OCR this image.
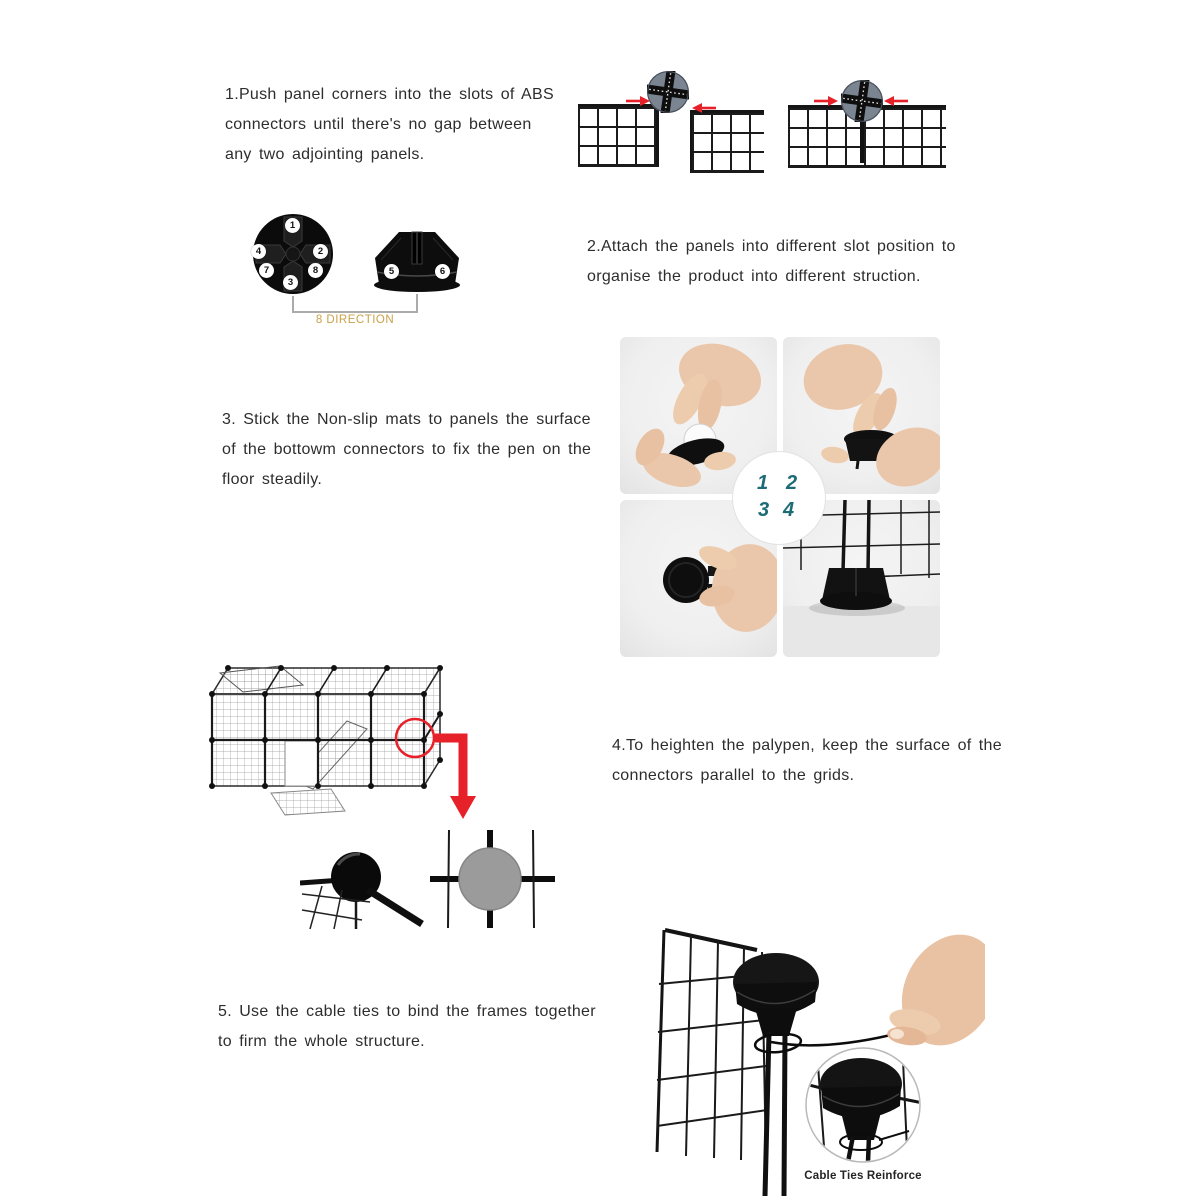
1.Push panel corners into the slots of ABS
connectors until there's no gap between
any two adjointing panels.
1
2
4
7	8
3
5	6
8 DIRECTION
2.Attach the panels into different slot position to
organise the product into different struction.
3. Stick the Non-slip mats to panels the surface
of the bottowm connectors to fix the pen on the
floor steadily.	1 2
3 4
4.To heighten the palypen, keep the surface of the
connectors parallel to the grids.
5. Use the cable ties to bind the frames together
to firm the whole structure.
Cable Ties Reinforce
